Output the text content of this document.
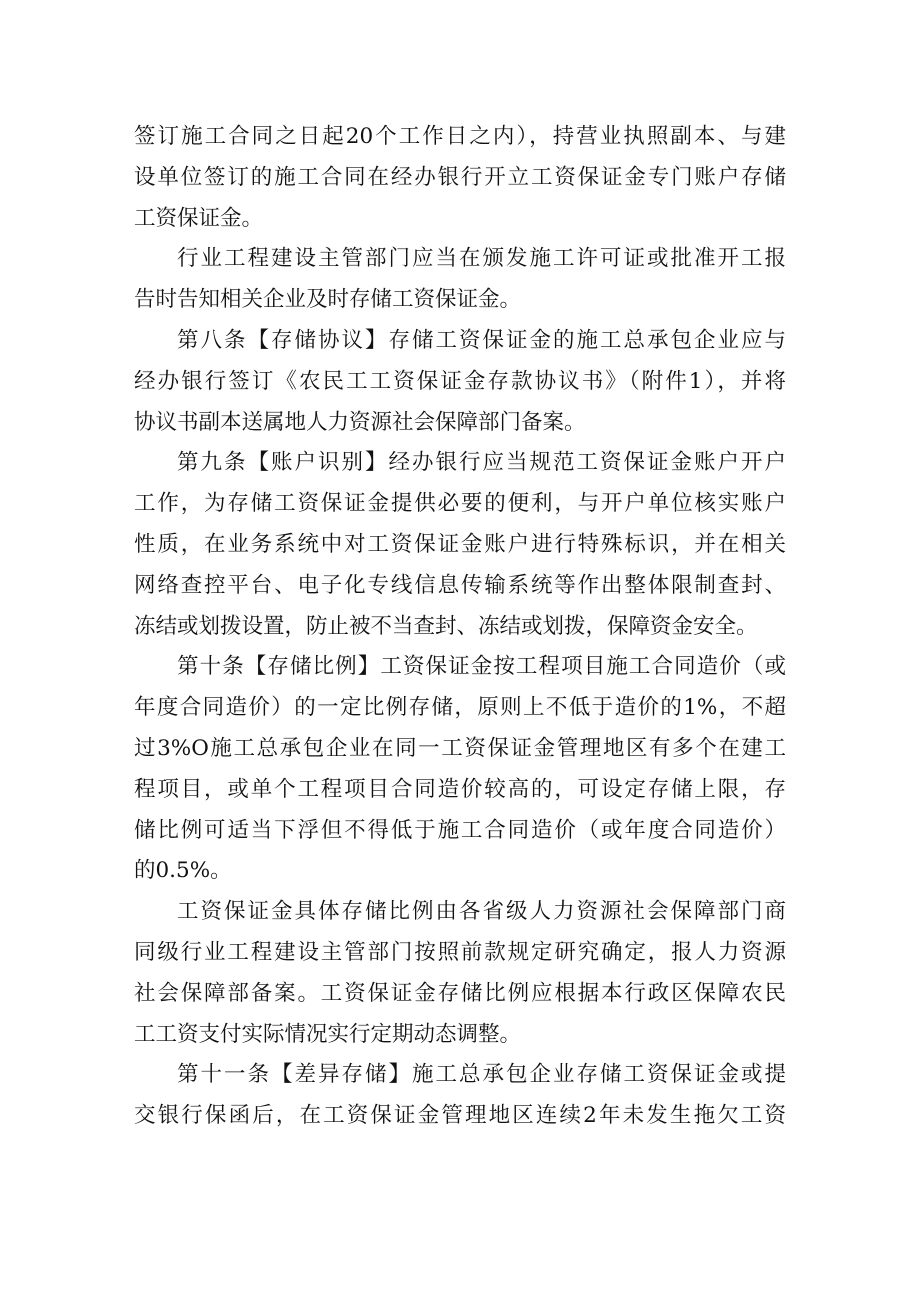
签订施工合同之日起20个工作日之内），持营业执照副本、与建
设单位签订的施工合同在经办银行开立工资保证金专门账户存储
工资保证金。
行业工程建设主管部门应当在颁发施工许可证或批准开工报
告时告知相关企业及时存储工资保证金。
第八条【存储协议】存储工资保证金的施工总承包企业应与
经办银行签订《农民工工资保证金存款协议书》（附件1），并将
协议书副本送属地人力资源社会保障部门备案。
第九条【账户识别】经办银行应当规范工资保证金账户开户
工作，为存储工资保证金提供必要的便利，与开户单位核实账户
性质，在业务系统中对工资保证金账户进行特殊标识，并在相关
网络查控平台、电子化专线信息传输系统等作出整体限制查封、
冻结或划拨设置，防止被不当查封、冻结或划拨，保障资金安全。
第十条【存储比例】工资保证金按工程项目施工合同造价（或
年度合同造价）的一定比例存储，原则上不低于造价的1%，不超
过3%O施工总承包企业在同一工资保证金管理地区有多个在建工
程项目，或单个工程项目合同造价较高的，可设定存储上限，存
储比例可适当下浮但不得低于施工合同造价（或年度合同造价）
的0.5%。
工资保证金具体存储比例由各省级人力资源社会保障部门商
同级行业工程建设主管部门按照前款规定研究确定，报人力资源
社会保障部备案。工资保证金存储比例应根据本行政区保障农民
工工资支付实际情况实行定期动态调整。
第十一条【差异存储】施工总承包企业存储工资保证金或提
交银行保函后，在工资保证金管理地区连续2年未发生拖欠工资
